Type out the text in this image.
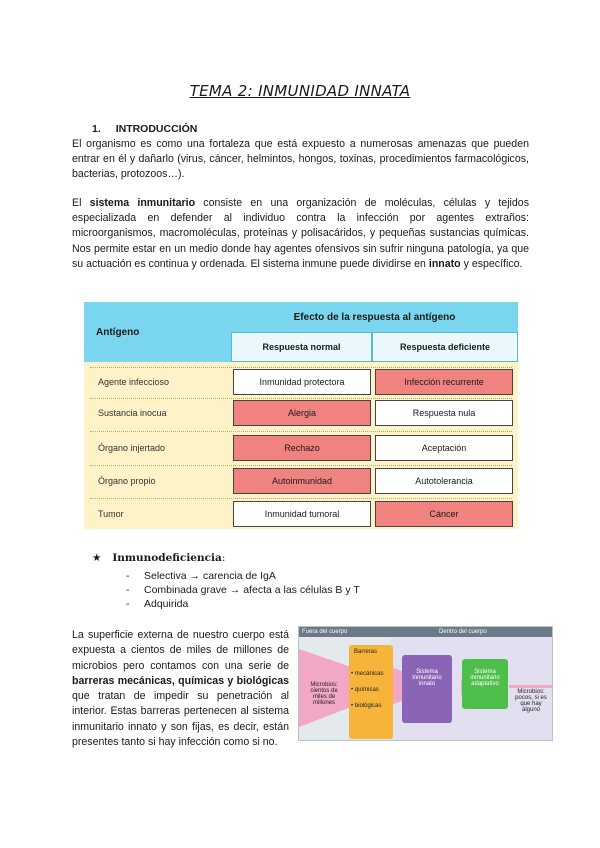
TEMA 2: INMUNIDAD INNATA
1. INTRODUCCIÓN
El organismo es como una fortaleza que está expuesto a numerosas amenazas que pueden entrar en él y dañarlo (virus, cáncer, helmintos, hongos, toxinas, procedimientos farmacológicos, bacterias, protozoos…).
El sistema inmunitario consiste en una organización de moléculas, células y tejidos especializada en defender al individuo contra la infección por agentes extraños: microorganismos, macromoléculas, proteínas y polisacáridos, y pequeñas sustancias químicas. Nos permite estar en un medio donde hay agentes ofensivos sin sufrir ninguna patología, ya que su actuación es continua y ordenada. El sistema inmune puede dividirse en innato y específico.
Antígeno
Efecto de la respuesta al antígeno
Respuesta normal	Respuesta deficiente
Agente infeccioso	Inmunidad protectora	Infección recurrente
Sustancia inocua	Alergia	Respuesta nula
Órgano injertado	Rechazo	Aceptación
Órgano propio	Autoinmunidad	Autotolerancia
Tumor	Inmunidad tumoral	Cáncer
★ Inmunodeficiencia:
- Selectiva → carencia de IgA
- Combinada grave → afecta a las células B y T
- Adquirida
La superficie externa de nuestro cuerpo está expuesta a cientos de miles de millones de microbios pero contamos con una serie de barreras mecánicas, químicas y biológicas que tratan de impedir su penetración al interior. Estas barreras pertenecen al sistema inmunitario innato y son fijas, es decir, están presentes tanto si hay infección como si no.
Fuera del cuerpo	Dentro del cuerpo
Microbios: cientos de miles de millones
Barreras
• mecánicas
• químicas
• biológicas
Sistema inmunitario innato
Sistema inmunitario adaptativo
Microbios: pocos, si es que hay alguno
